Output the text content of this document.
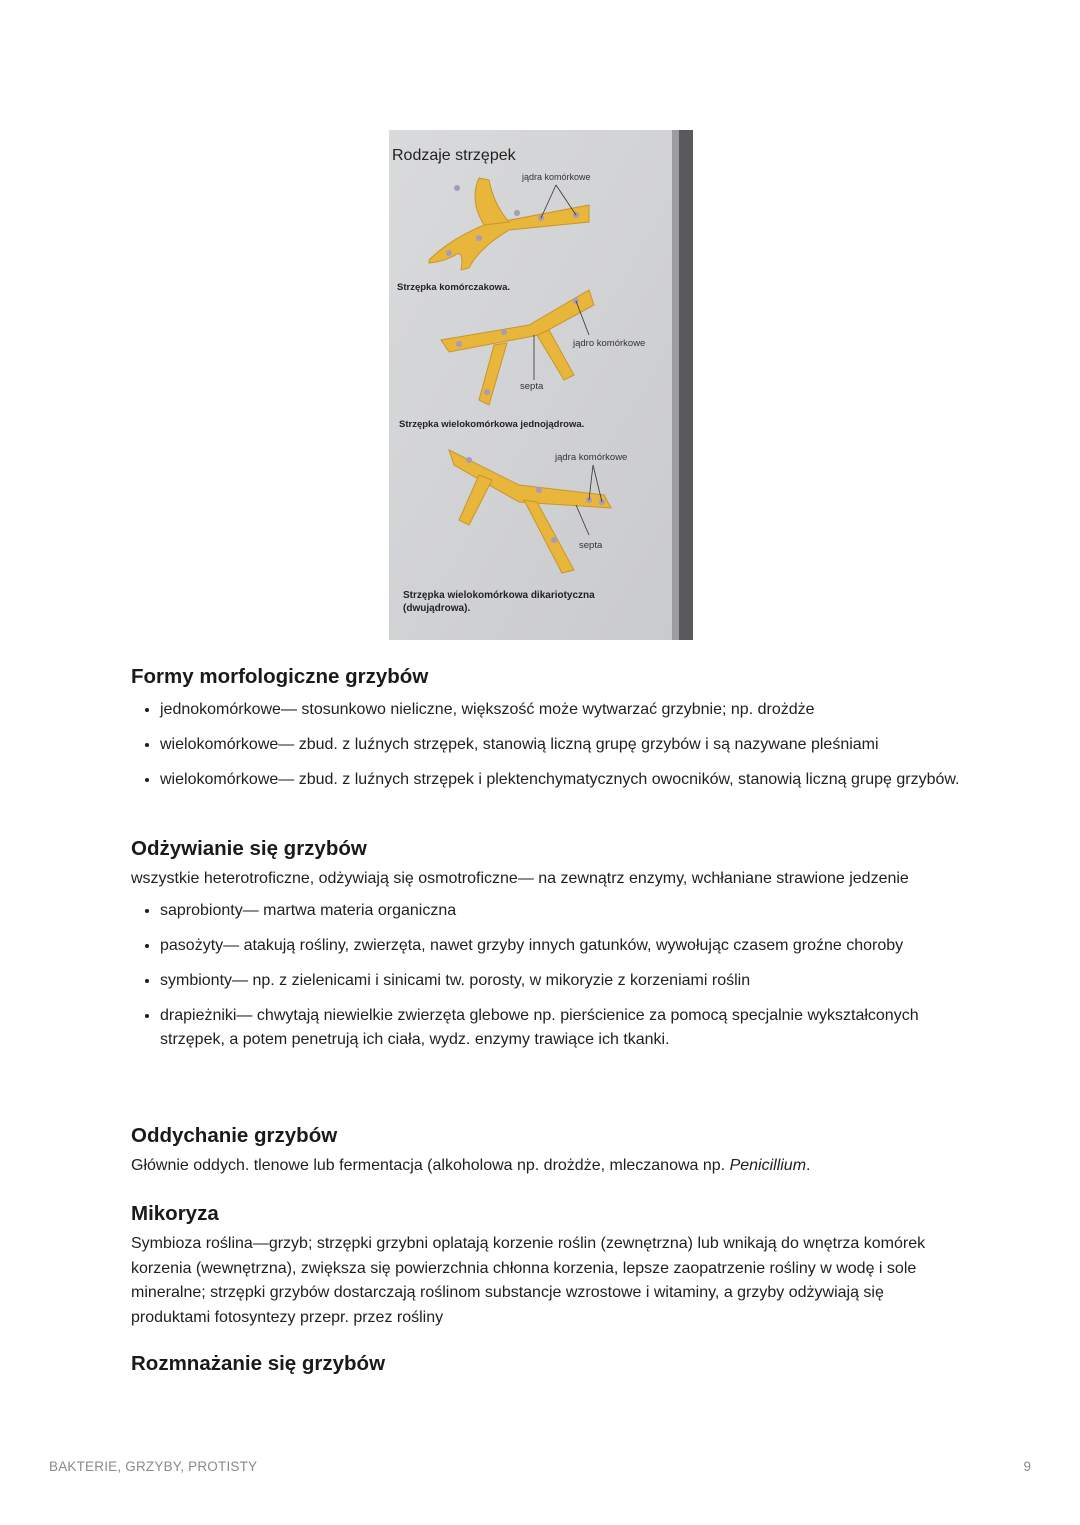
Rodzaje strzępek
jądra komórkowe
Strzępka komórczakowa.
jądro komórkowe
septa
Strzępka wielokomórkowa jednojądrowa.
jądra komórkowe
septa
Strzępka wielokomórkowa dikariotyczna
(dwujądrowa).
Formy morfologiczne grzybów
• jednokomórkowe— stosunkowo nieliczne, większość może wytwarzać grzybnie; np. drożdże
• wielokomórkowe— zbud. z luźnych strzępek, stanowią liczną grupę grzybów i są nazywane pleśniami
• wielokomórkowe— zbud. z luźnych strzępek i plektenchymatycznych owocników, stanowią liczną grupę grzybów.
Odżywianie się grzybów

wszystkie heterotroficzne, odżywiają się osmotroficzne— na zewnątrz enzymy, wchłaniane strawione jedzenie

• saprobionty— martwa materia organiczna
• pasożyty— atakują rośliny, zwierzęta, nawet grzyby innych gatunków, wywołując czasem groźne choroby
• symbionty— np. z zielenicami i sinicami tw. porosty, w mikoryzie z korzeniami roślin
• drapieżniki— chwytają niewielkie zwierzęta glebowe np. pierścienice za pomocą specjalnie wykształconych strzępek, a potem penetrują ich ciała, wydz. enzymy trawiące ich tkanki.
Oddychanie grzybów

Głównie oddych. tlenowe lub fermentacja (alkoholowa np. drożdże, mleczanowa np. Penicillium.

Mikoryza

Symbioza roślina—grzyb; strzępki grzybni oplatają korzenie roślin (zewnętrzna) lub wnikają do wnętrza komórek korzenia (wewnętrzna), zwiększa się powierzchnia chłonna korzenia, lepsze zaopatrzenie rośliny w wodę i sole mineralne; strzępki grzybów dostarczają roślinom substancje wzrostowe i witaminy, a grzyby odżywiają się produktami fotosyntezy przepr. przez rośliny

Rozmnażanie się grzybów
BAKTERIE, GRZYBY, PROTISTY	9
